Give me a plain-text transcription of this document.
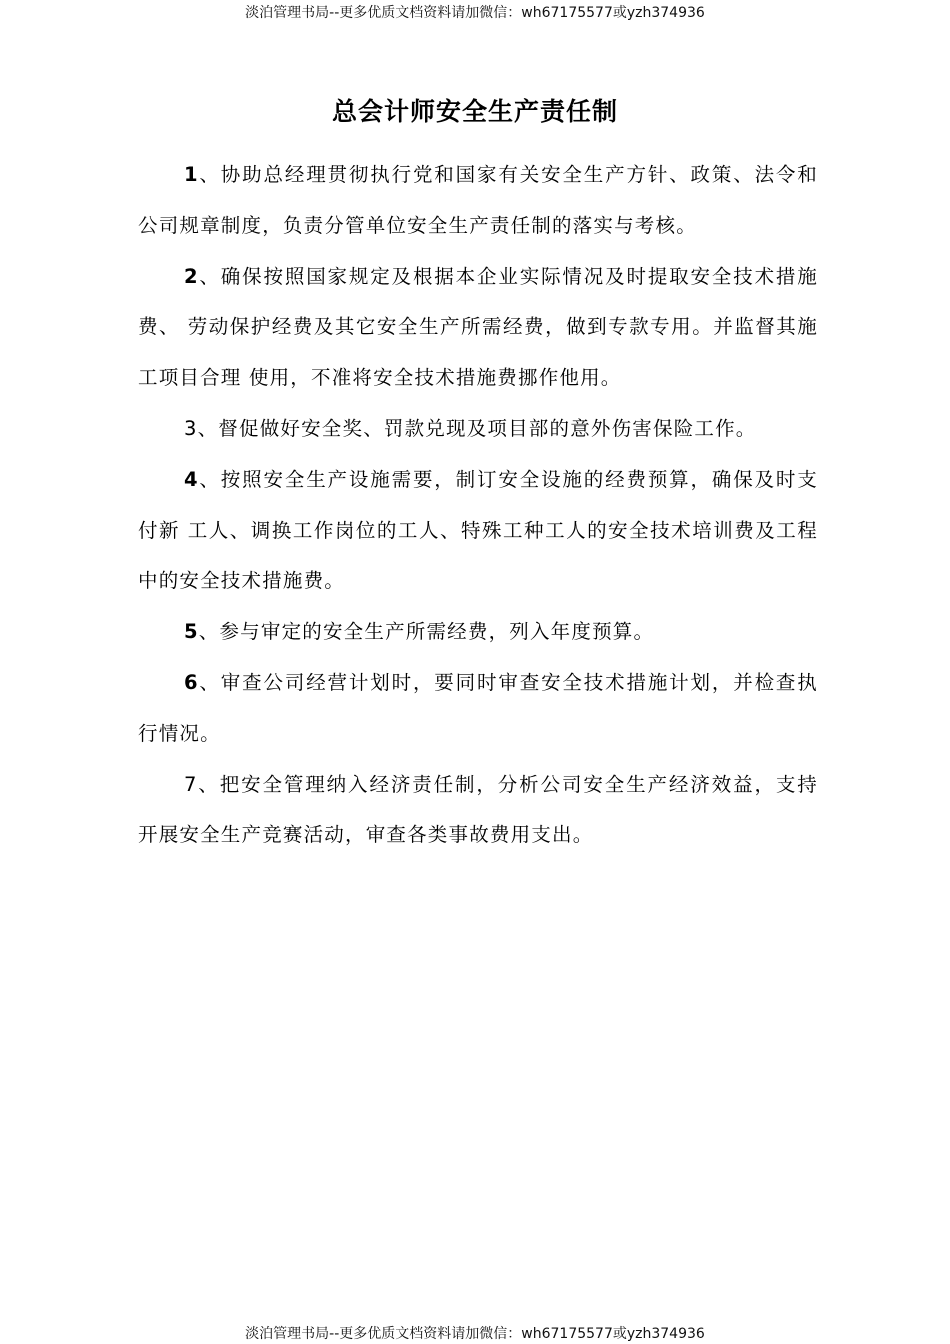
淡泊管理书局--更多优质文档资料请加微信：wh67175577或yzh374936
总会计师安全生产责任制

1、协助总经理贯彻执行党和国家有关安全生产方针、政策、法令和公司规章制度，负责分管单位安全生产责任制的落实与考核。

2、确保按照国家规定及根据本企业实际情况及时提取安全技术措施费、 劳动保护经费及其它安全生产所需经费，做到专款专用。并监督其施工项目合理 使用，不准将安全技术措施费挪作他用。

3、督促做好安全奖、罚款兑现及项目部的意外伤害保险工作。

4、按照安全生产设施需要，制订安全设施的经费预算，确保及时支付新 工人、调换工作岗位的工人、特殊工种工人的安全技术培训费及工程中的安全技术措施费。

5、参与审定的安全生产所需经费，列入年度预算。

6、审查公司经营计划时，要同时审查安全技术措施计划，并检查执行情况。

7、把安全管理纳入经济责任制，分析公司安全生产经济效益，支持开展安全生产竞赛活动，审查各类事故费用支出。

淡泊管理书局--更多优质文档资料请加微信：wh67175577或yzh374936
